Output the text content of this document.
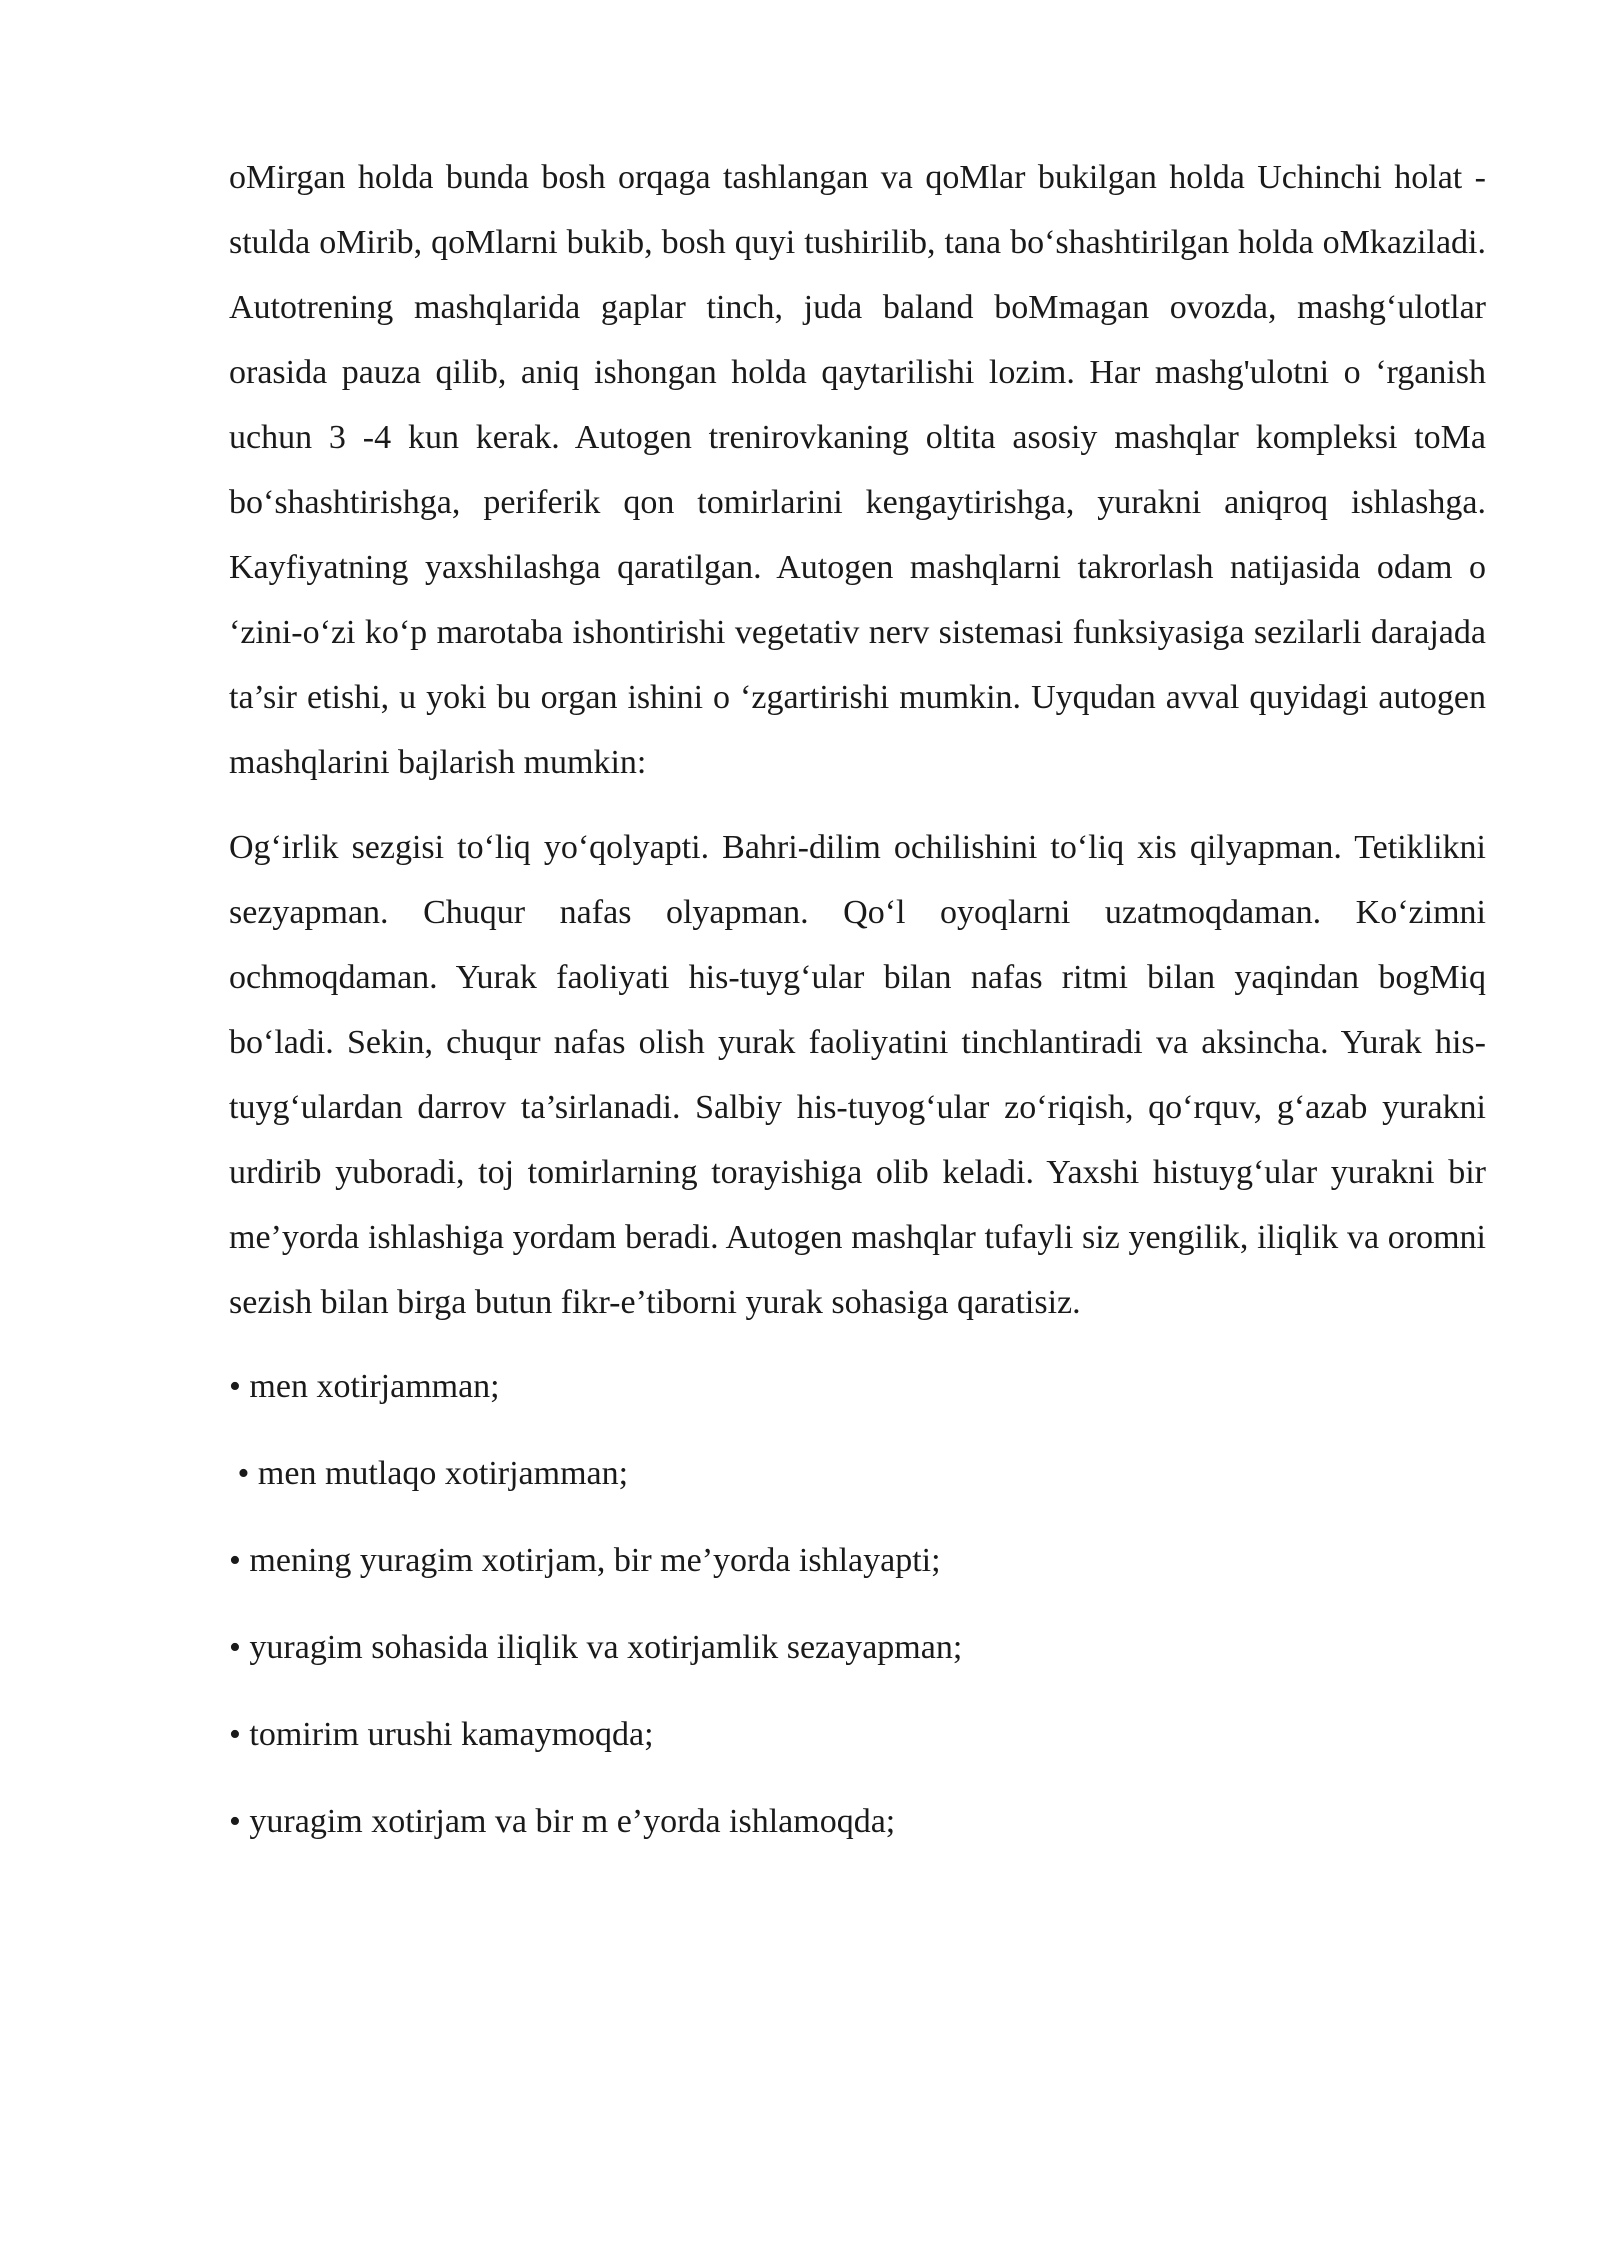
oMirgan holda bunda bosh orqaga tashlangan va qoMlar bukilgan holda Uchinchi holat - stulda oMirib, qoMlarni bukib, bosh quyi tushirilib, tana bo‘shashtirilgan holda oMkaziladi. Autotrening mashqlarida gaplar tinch, juda baland boMmagan ovozda, mashg‘ulotlar orasida pauza qilib, aniq ishongan holda qaytarilishi lozim. Har mashg'ulotni o ‘rganish uchun 3 -4 kun kerak. Autogen trenirovkaning oltita asosiy mashqlar kompleksi toMa bo‘shashtirishga, periferik qon tomirlarini kengaytirishga, yurakni aniqroq ishlashga. Kayfiyatning yaxshilashga qaratilgan. Autogen mashqlarni takrorlash natijasida odam o ‘zini-o‘zi ko‘p marotaba ishontirishi vegetativ nerv sistemasi funksiyasiga sezilarli darajada ta’sir etishi, u yoki bu organ ishini o ‘zgartirishi mumkin. Uyqudan avval quyidagi autogen mashqlarini bajlarish mumkin:

Og‘irlik sezgisi to‘liq yo‘qolyapti. Bahri-dilim ochilishini to‘liq xis qilyapman. Tetiklikni sezyapman. Chuqur nafas olyapman. Qo‘l oyoqlarni uzatmoqdaman. Ko‘zimni ochmoqdaman. Yurak faoliyati his-tuyg‘ular bilan nafas ritmi bilan yaqindan bogMiq bo‘ladi. Sekin, chuqur nafas olish yurak faoliyatini tinchlantiradi va aksincha. Yurak his-tuyg‘ulardan darrov ta’sirlanadi. Salbiy his-tuyog‘ular zo‘riqish, qo‘rquv, g‘azab yurakni urdirib yuboradi, toj tomirlarning torayishiga olib keladi. Yaxshi histuyg‘ular yurakni bir me’yorda ishlashiga yordam beradi. Autogen mashqlar tufayli siz yengilik, iliqlik va oromni sezish bilan birga butun fikr-e’tiborni yurak sohasiga qaratisiz.

• men xotirjamman;
• men mutlaqo xotirjamman;
• mening yuragim xotirjam, bir me’yorda ishlayapti;
• yuragim sohasida iliqlik va xotirjamlik sezayapman;
• tomirim urushi kamaymoqda;
• yuragim xotirjam va bir m e’yorda ishlamoqda;
